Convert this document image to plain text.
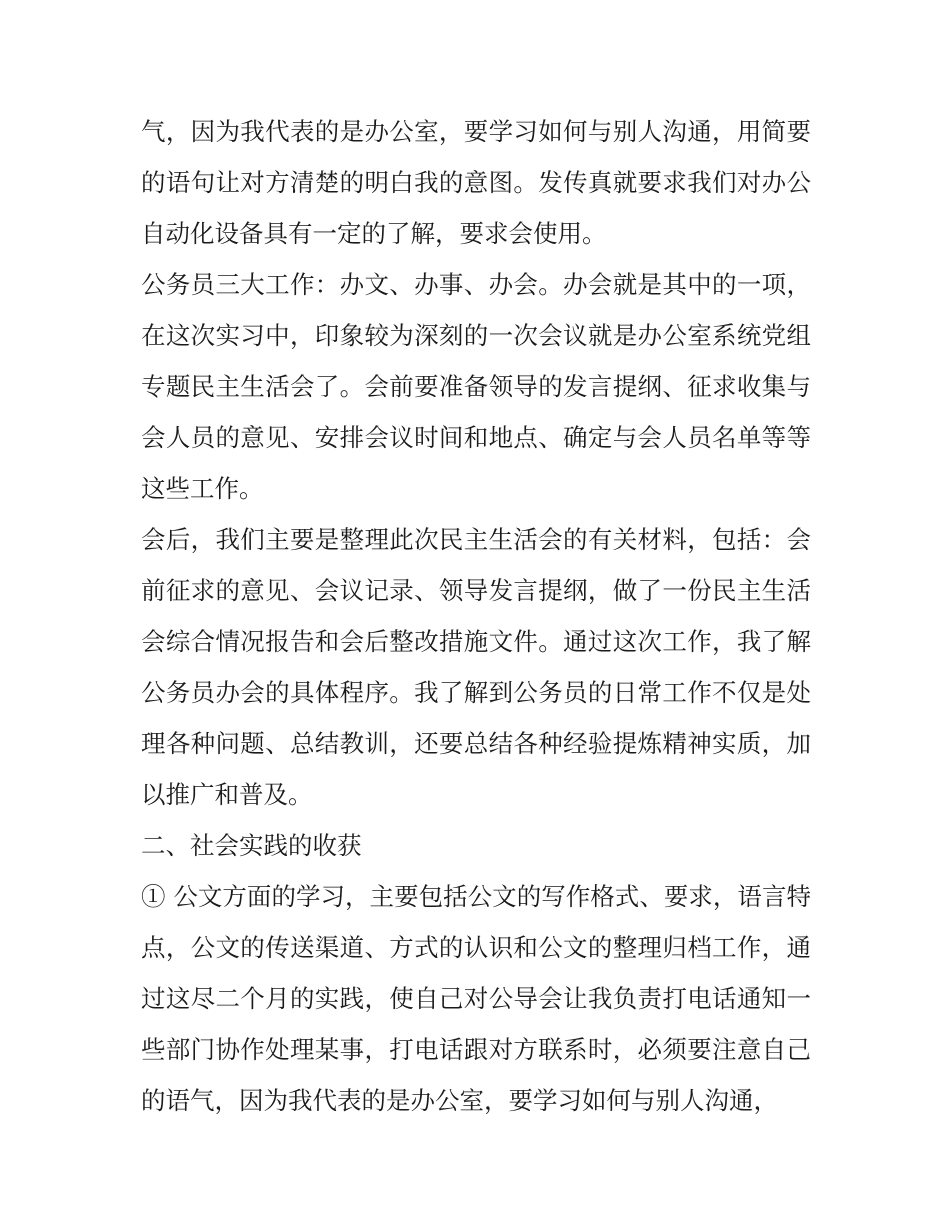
气，因为我代表的是办公室，要学习如何与别人沟通，用简要的语句让对方清楚的明白我的意图。发传真就要求我们对办公自动化设备具有一定的了解，要求会使用。

公务员三大工作：办文、办事、办会。办会就是其中的一项，在这次实习中，印象较为深刻的一次会议就是办公室系统党组专题民主生活会了。会前要准备领导的发言提纲、征求收集与会人员的意见、安排会议时间和地点、确定与会人员名单等等这些工作。

会后，我们主要是整理此次民主生活会的有关材料，包括：会前征求的意见、会议记录、领导发言提纲，做了一份民主生活会综合情况报告和会后整改措施文件。通过这次工作，我了解公务员办会的具体程序。我了解到公务员的日常工作不仅是处理各种问题、总结教训，还要总结各种经验提炼精神实质，加以推广和普及。

二、社会实践的收获

① 公文方面的学习，主要包括公文的写作格式、要求，语言特点，公文的传送渠道、方式的认识和公文的整理归档工作，通过这尽二个月的实践，使自己对公导会让我负责打电话通知一些部门协作处理某事，打电话跟对方联系时，必须要注意自己的语气，因为我代表的是办公室，要学习如何与别人沟通，
